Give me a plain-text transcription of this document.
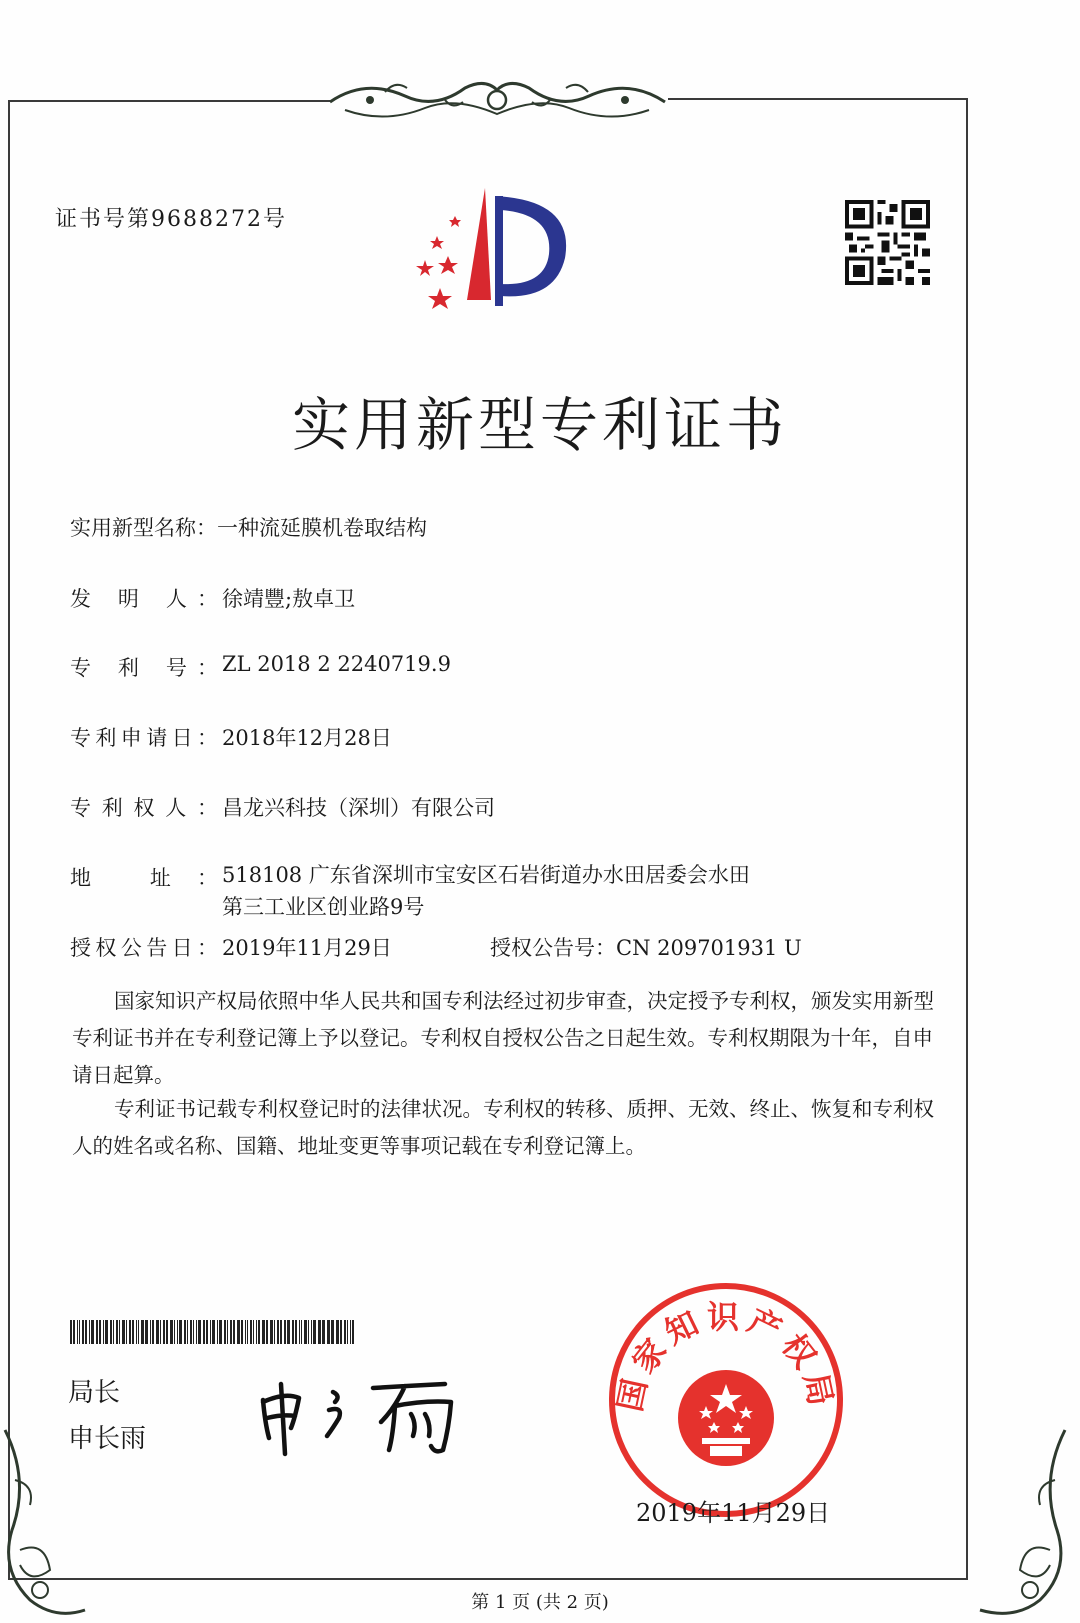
证书号第9688272号
实用新型专利证书
实用新型名称：一种流延膜机卷取结构
发 明 人： 徐靖豐;敖卓卫
专 利 号： ZL 2018 2 2240719.9
专利申请日： 2018年12月28日
专利权人： 昌龙兴科技（深圳）有限公司
地 址： 518108 广东省深圳市宝安区石岩街道办水田居委会水田
第三工业区创业路9号
授权公告日： 2019年11月29日	授权公告号：CN 209701931 U

国家知识产权局依照中华人民共和国专利法经过初步审查，决定授予专利权，颁发实用新型专利证书并在专利登记簿上予以登记。专利权自授权公告之日起生效。专利权期限为十年，自申请日起算。

专利证书记载专利权登记时的法律状况。专利权的转移、质押、无效、终止、恢复和专利权人的姓名或名称、国籍、地址变更等事项记载在专利登记簿上。

局长
申长雨
国家知识产权局
2019年11月29日
第 1 页 (共 2 页)
